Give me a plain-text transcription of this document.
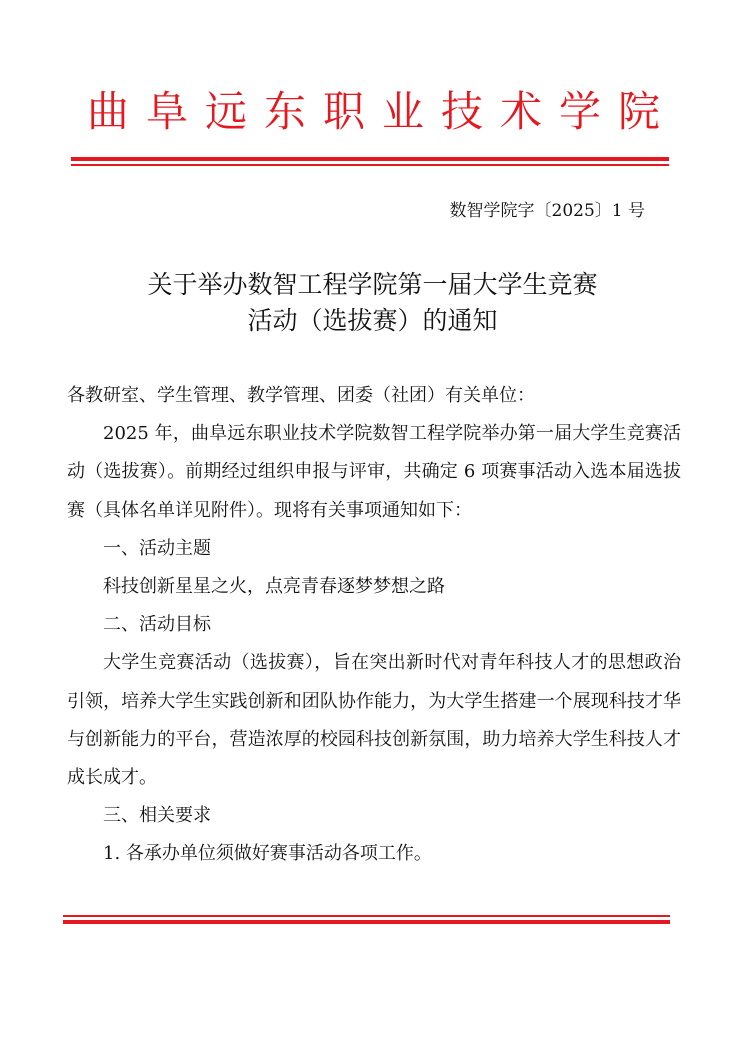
曲阜远东职业技术学院
数智学院字〔2025〕1 号
关于举办数智工程学院第一届大学生竞赛
活动（选拔赛）的通知

各教研室、学生管理、教学管理、团委（社团）有关单位：

2025 年，曲阜远东职业技术学院数智工程学院举办第一届大学生竞赛活动（选拔赛）。前期经过组织申报与评审，共确定 6 项赛事活动入选本届选拔赛（具体名单详见附件）。现将有关事项通知如下：

一、活动主题

科技创新星星之火，点亮青春逐梦梦想之路

二、活动目标

大学生竞赛活动（选拔赛），旨在突出新时代对青年科技人才的思想政治引领，培养大学生实践创新和团队协作能力，为大学生搭建一个展现科技才华与创新能力的平台，营造浓厚的校园科技创新氛围，助力培养大学生科技人才成长成才。

三、相关要求

1. 各承办单位须做好赛事活动各项工作。
